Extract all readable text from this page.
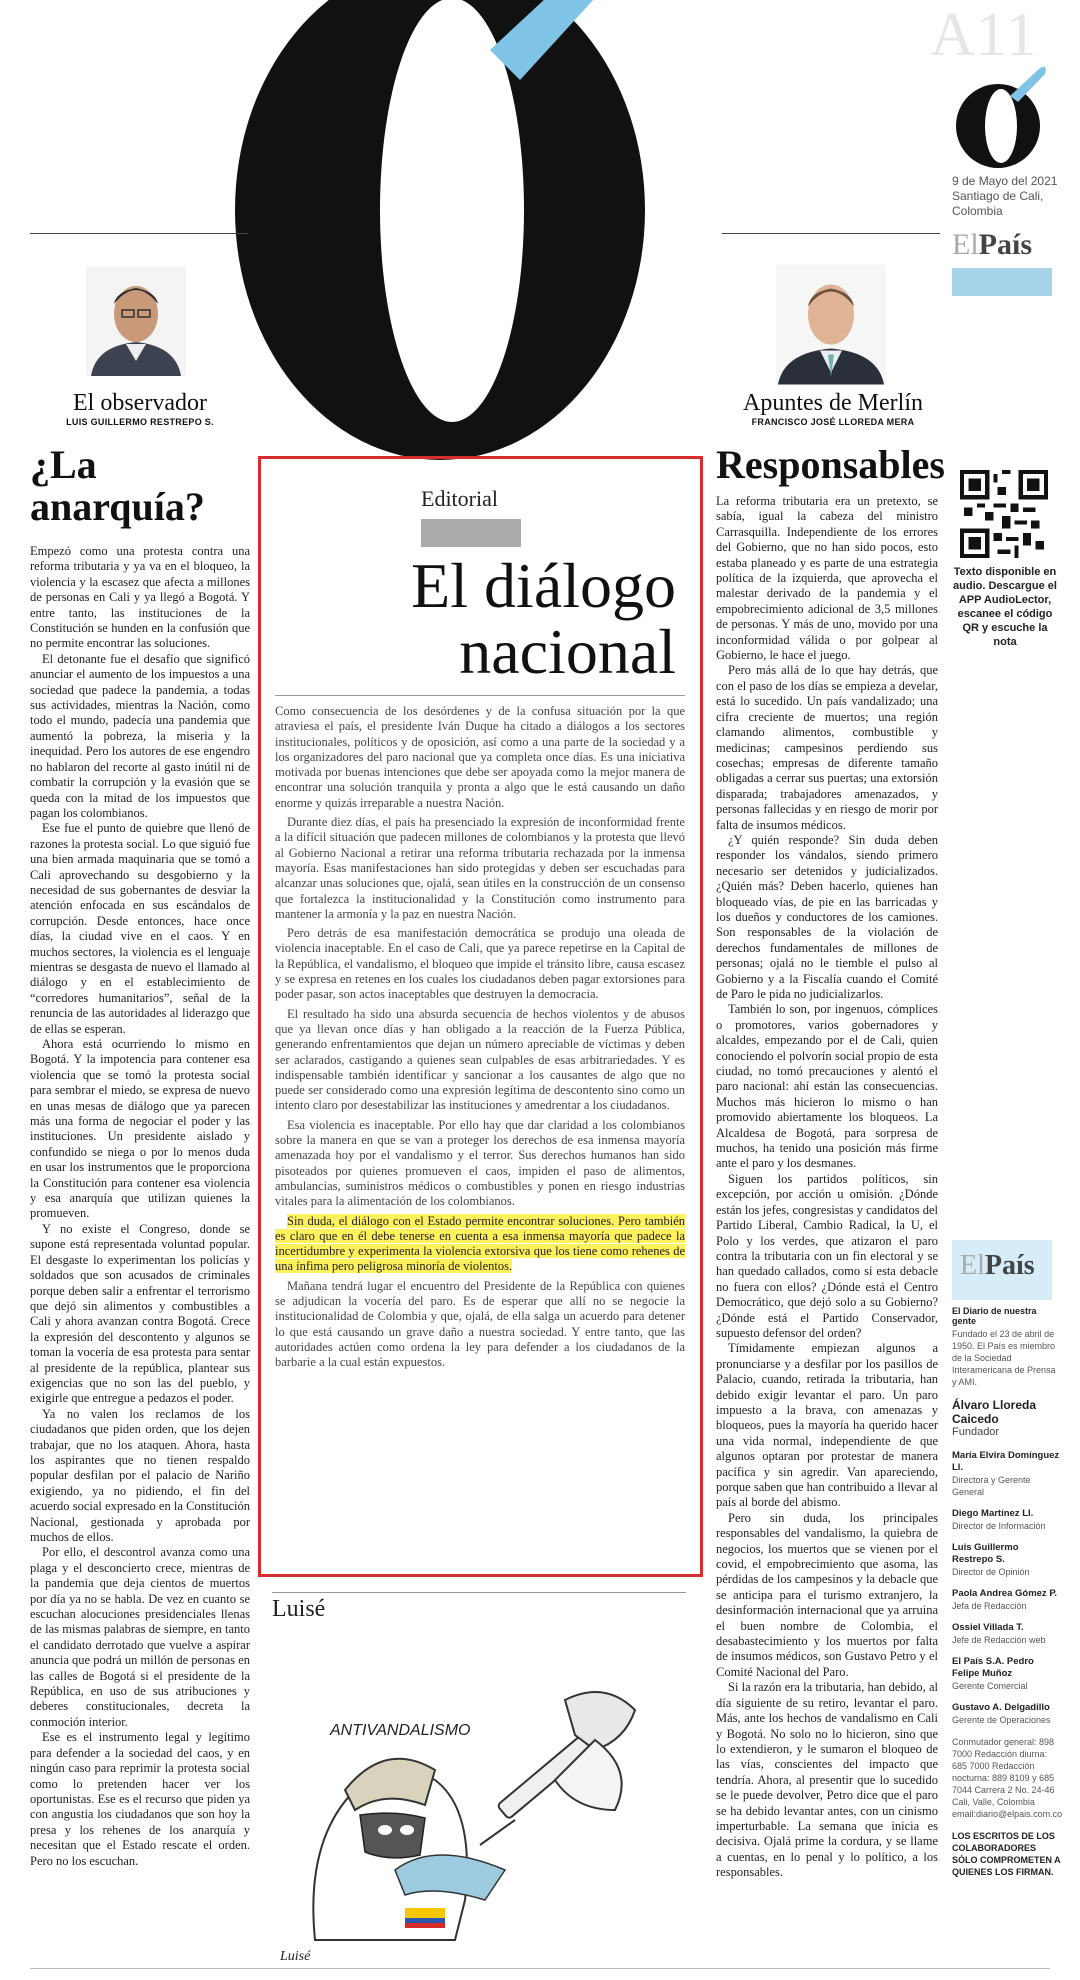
A11
9 de Mayo del 2021 Santiago de Cali, Colombia
ElPaís
El observador
LUIS GUILLERMO RESTREPO S.
Apuntes de Merlín
FRANCISCO JOSÉ LLOREDA MERA
¿La anarquía?

Empezó como una protesta contra una reforma tributaria y ya va en el bloqueo, la violencia y la escasez que afecta a millones de personas en Cali y ya llegó a Bogotá. Y entre tanto, las instituciones de la Constitución se hunden en la confusión que no permite encontrar las soluciones.

El detonante fue el desafío que significó anunciar el aumento de los impuestos a una sociedad que padece la pandemia, a todas sus actividades, mientras la Nación, como todo el mundo, padecía una pandemia que aumentó la pobreza, la miseria y la inequidad. Pero los autores de ese engendro no hablaron del recorte al gasto inútil ni de combatir la corrupción y la evasión que se queda con la mitad de los impuestos que pagan los colombianos.

Ese fue el punto de quiebre que llenó de razones la protesta social. Lo que siguió fue una bien armada maquinaria que se tomó a Cali aprovechando su desgobierno y la necesidad de sus gobernantes de desviar la atención enfocada en sus escándalos de corrupción. Desde entonces, hace once días, la ciudad vive en el caos. Y en muchos sectores, la violencia es el lenguaje mientras se desgasta de nuevo el llamado al diálogo y en el establecimiento de “corredores humanitarios”, señal de la renuncia de las autoridades al liderazgo que de ellas se esperan.

Ahora está ocurriendo lo mismo en Bogotá. Y la impotencia para contener esa violencia que se tomó la protesta social para sembrar el miedo, se expresa de nuevo en unas mesas de diálogo que ya parecen más una forma de negociar el poder y las instituciones. Un presidente aislado y confundido se niega o por lo menos duda en usar los instrumentos que le proporciona la Constitución para contener esa violencia y esa anarquía que utilizan quienes la promueven.

Y no existe el Congreso, donde se supone está representada voluntad popular. El desgaste lo experimentan los policías y soldados que son acusados de criminales porque deben salir a enfrentar el terrorismo que dejó sin alimentos y combustibles a Cali y ahora avanzan contra Bogotá. Crece la expresión del descontento y algunos se toman la vocería de esa protesta para sentar al presidente de la república, plantear sus exigencias que no son las del pueblo, y exigirle que entregue a pedazos el poder.

Ya no valen los reclamos de los ciudadanos que piden orden, que los dejen trabajar, que no los ataquen. Ahora, hasta los aspirantes que no tienen respaldo popular desfilan por el palacio de Nariño exigiendo, ya no pidiendo, el fin del acuerdo social expresado en la Constitución Nacional, gestionada y aprobada por muchos de ellos.

Por ello, el descontrol avanza como una plaga y el desconcierto crece, mientras de la pandemia que deja cientos de muertos por día ya no se habla. De vez en cuanto se escuchan alocuciones presidenciales llenas de las mismas palabras de siempre, en tanto el candidato derrotado que vuelve a aspirar anuncia que podrá un millón de personas en las calles de Bogotá si el presidente de la República, en uso de sus atribuciones y deberes constitucionales, decreta la conmoción interior.

Ese es el instrumento legal y legítimo para defender a la sociedad del caos, y en ningún caso para reprimir la protesta social como lo pretenden hacer ver los oportunistas. Ese es el recurso que piden ya con angustia los ciudadanos que son hoy la presa y los rehenes de los anarquía y necesitan que el Estado rescate el orden. Pero no los escuchan.

Editorial
El diálogo
nacional

Como consecuencia de los desórdenes y de la confusa situación por la que atraviesa el país, el presidente Iván Duque ha citado a diálogos a los sectores institucionales, políticos y de oposición, así como a una parte de la sociedad y a los organizadores del paro nacional que ya completa once días. Es una iniciativa motivada por buenas intenciones que debe ser apoyada como la mejor manera de encontrar una solución tranquila y pronta a algo que le está causando un daño enorme y quizás irreparable a nuestra Nación.

Durante diez días, el país ha presenciado la expresión de inconformidad frente a la difícil situación que padecen millones de colombianos y la protesta que llevó al Gobierno Nacional a retirar una reforma tributaria rechazada por la inmensa mayoría. Esas manifestaciones han sido protegidas y deben ser escuchadas para alcanzar unas soluciones que, ojalá, sean útiles en la construcción de un consenso que fortalezca la institucionalidad y la Constitución como instrumento para mantener la armonía y la paz en nuestra Nación.

Pero detrás de esa manifestación democrática se produjo una oleada de violencia inaceptable. En el caso de Cali, que ya parece repetirse en la Capital de la República, el vandalismo, el bloqueo que impide el tránsito libre, causa escasez y se expresa en retenes en los cuales los ciudadanos deben pagar extorsiones para poder pasar, son actos inaceptables que destruyen la democracia.

El resultado ha sido una absurda secuencia de hechos violentos y de abusos que ya llevan once días y han obligado a la reacción de la Fuerza Pública, generando enfrentamientos que dejan un número apreciable de víctimas y deben ser aclarados, castigando a quienes sean culpables de esas arbitrariedades. Y es indispensable también identificar y sancionar a los causantes de algo que no puede ser considerado como una expresión legítima de descontento sino como un intento claro por desestabilizar las instituciones y amedrentar a los ciudadanos.

Esa violencia es inaceptable. Por ello hay que dar claridad a los colombianos sobre la manera en que se van a proteger los derechos de esa inmensa mayoría amenazada hoy por el vandalismo y el terror. Sus derechos humanos han sido pisoteados por quienes promueven el caos, impiden el paso de alimentos, ambulancias, suministros médicos o combustibles y ponen en riesgo industrias vitales para la alimentación de los colombianos.

Sin duda, el diálogo con el Estado permite encontrar soluciones. Pero también es claro que en él debe tenerse en cuenta a esa inmensa mayoría que padece la incertidumbre y experimenta la violencia extorsiva que los tiene como rehenes de una ínfima pero peligrosa minoría de violentos.

Mañana tendrá lugar el encuentro del Presidente de la República con quienes se adjudican la vocería del paro. Es de esperar que allí no se negocie la institucionalidad de Colombia y que, ojalá, de ella salga un acuerdo para detener lo que está causando un grave daño a nuestra sociedad. Y entre tanto, que las autoridades actúen como ordena la ley para defender a los ciudadanos de la barbarie a la cual están expuestos.

Luisé
ANTIVANDALISMO
Luisé
Responsables

La reforma tributaria era un pretexto, se sabía, igual la cabeza del ministro Carrasquilla. Independiente de los errores del Gobierno, que no han sido pocos, esto estaba planeado y es parte de una estrategia política de la izquierda, que aprovecha el malestar derivado de la pandemia y el empobrecimiento adicional de 3,5 millones de personas. Y más de uno, movido por una inconformidad válida o por golpear al Gobierno, le hace el juego.

Pero más allá de lo que hay detrás, que con el paso de los días se empieza a develar, está lo sucedido. Un país vandalizado; una cifra creciente de muertos; una región clamando alimentos, combustible y medicinas; campesinos perdiendo sus cosechas; empresas de diferente tamaño obligadas a cerrar sus puertas; una extorsión disparada; trabajadores amenazados, y personas fallecidas y en riesgo de morir por falta de insumos médicos.

¿Y quién responde? Sin duda deben responder los vándalos, siendo primero necesario ser detenidos y judicializados. ¿Quién más? Deben hacerlo, quienes han bloqueado vías, de pie en las barricadas y los dueños y conductores de los camiones. Son responsables de la violación de derechos fundamentales de millones de personas; ojalá no le tiemble el pulso al Gobierno y a la Fiscalía cuando el Comité de Paro le pida no judicializarlos.

También lo son, por ingenuos, cómplices o promotores, varios gobernadores y alcaldes, empezando por el de Cali, quien conociendo el polvorín social propio de esta ciudad, no tomó precauciones y alentó el paro nacional: ahí están las consecuencias. Muchos más hicieron lo mismo o han promovido abiertamente los bloqueos. La Alcaldesa de Bogotá, para sorpresa de muchos, ha tenido una posición más firme ante el paro y los desmanes.

Siguen los partidos políticos, sin excepción, por acción u omisión. ¿Dónde están los jefes, congresistas y candidatos del Partido Liberal, Cambio Radical, la U, el Polo y los verdes, que atizaron el paro contra la tributaria con un fin electoral y se han quedado callados, como si esta debacle no fuera con ellos? ¿Dónde está el Centro Democrático, que dejó solo a su Gobierno? ¿Dónde está el Partido Conservador, supuesto defensor del orden?

Tímidamente empiezan algunos a pronunciarse y a desfilar por los pasillos de Palacio, cuando, retirada la tributaria, han debido exigir levantar el paro. Un paro impuesto a la brava, con amenazas y bloqueos, pues la mayoría ha querido hacer una vida normal, independiente de que algunos optaran por protestar de manera pacífica y sin agredir. Van apareciendo, porque saben que han contribuido a llevar al país al borde del abismo.

Pero sin duda, los principales responsables del vandalismo, la quiebra de negocios, los muertos que se vienen por el covid, el empobrecimiento que asoma, las pérdidas de los campesinos y la debacle que se anticipa para el turismo extranjero, la desinformación internacional que ya arruina el buen nombre de Colombia, el desabastecimiento y los muertos por falta de insumos médicos, son Gustavo Petro y el Comité Nacional del Paro.

Si la razón era la tributaria, han debido, al día siguiente de su retiro, levantar el paro. Más, ante los hechos de vandalismo en Cali y Bogotá. No solo no lo hicieron, sino que lo extendieron, y le sumaron el bloqueo de las vías, conscientes del impacto que tendría. Ahora, al presentir que lo sucedido se le puede devolver, Petro dice que el paro se ha debido levantar antes, con un cinismo imperturbable. La semana que inicia es decisiva. Ojalá prime la cordura, y se llame a cuentas, en lo penal y lo político, a los responsables.

Texto disponible en audio. Descargue el APP AudioLector, escanee el código QR y escuche la nota
ElPaís
El Diario de nuestra gente
Fundado el 23 de abril de 1950. El País es miembro de la Sociedad Interamericana de Prensa y AMI.
Álvaro Lloreda Caicedo
Fundador
María Elvira Domínguez Ll.
Directora y Gerente General
Diego Martínez Ll.
Director de Información
Luis Guillermo Restrepo S.
Director de Opinión
Paola Andrea Gómez P.
Jefa de Redacción
Ossiel Villada T.
Jefe de Redacción web
El País S.A. Pedro Felipe Muñoz
Gerente Comercial
Gustavo A. Delgadillo
Gerente de Operaciones
Conmutador general: 898 7000 Redacción diurna: 685 7000 Redacción nocturna: 889 8109 y 685 7044 Carrera 2 No. 24-46 Cali, Valle, Colombia email:diario@elpais.com.co
LOS ESCRITOS DE LOS COLABORADORES SÓLO COMPROMETEN A QUIENES LOS FIRMAN.
